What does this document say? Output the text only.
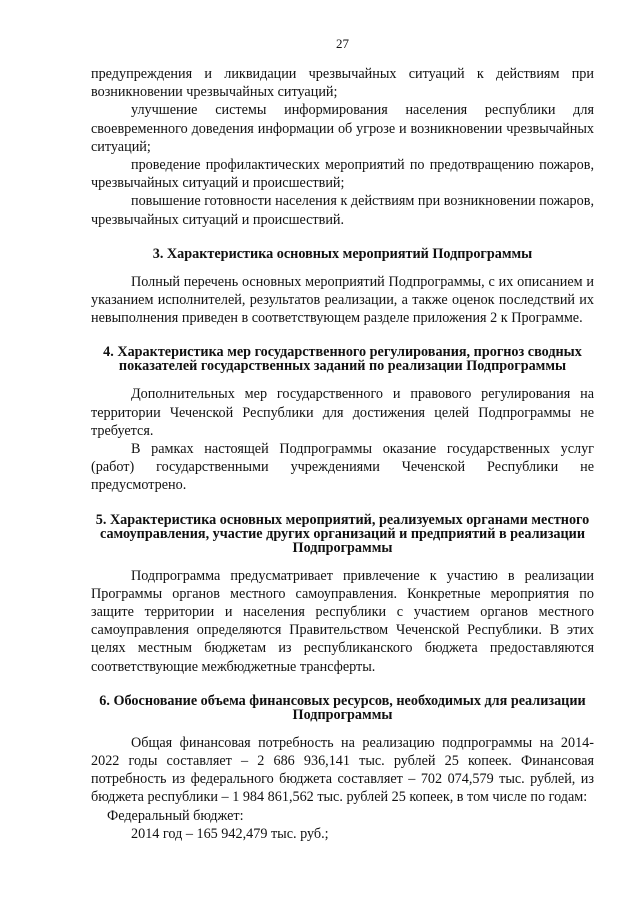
27

предупреждения и ликвидации чрезвычайных ситуаций к действиям при возникновении чрезвычайных ситуаций;

улучшение системы информирования населения республики для своевременного доведения информации об угрозе и возникновении чрезвычайных ситуаций;

проведение профилактических мероприятий по предотвращению пожаров, чрезвычайных ситуаций и происшествий;

повышение готовности населения к действиям при возникновении пожаров, чрезвычайных ситуаций и происшествий.

3. Характеристика основных мероприятий Подпрограммы

Полный перечень основных мероприятий Подпрограммы, с их описанием и указанием исполнителей, результатов реализации, а также оценок последствий их невыполнения приведен в соответствующем разделе приложения 2 к Программе.

4. Характеристика мер государственного регулирования, прогноз сводных показателей государственных заданий по реализации Подпрограммы

Дополнительных мер государственного и правового регулирования на территории Чеченской Республики для достижения целей Подпрограммы не требуется.

В рамках настоящей Подпрограммы оказание государственных услуг (работ) государственными учреждениями Чеченской Республики не предусмотрено.

5. Характеристика основных мероприятий, реализуемых органами местного самоуправления, участие других организаций и предприятий в реализации Подпрограммы

Подпрограмма предусматривает привлечение к участию в реализации Программы органов местного самоуправления. Конкретные мероприятия по защите территории и населения республики с участием органов местного самоуправления определяются Правительством Чеченской Республики. В этих целях местным бюджетам из республиканского бюджета предоставляются соответствующие межбюджетные трансферты.

6. Обоснование объема финансовых ресурсов, необходимых для реализации Подпрограммы

Общая финансовая потребность на реализацию подпрограммы на 2014-2022 годы составляет – 2 686 936,141 тыс. рублей 25 копеек. Финансовая потребность из федерального бюджета составляет – 702 074,579 тыс. рублей, из бюджета республики – 1 984 861,562 тыс. рублей 25 копеек, в том числе по годам:

Федеральный бюджет:

2014 год – 165 942,479 тыс. руб.;
